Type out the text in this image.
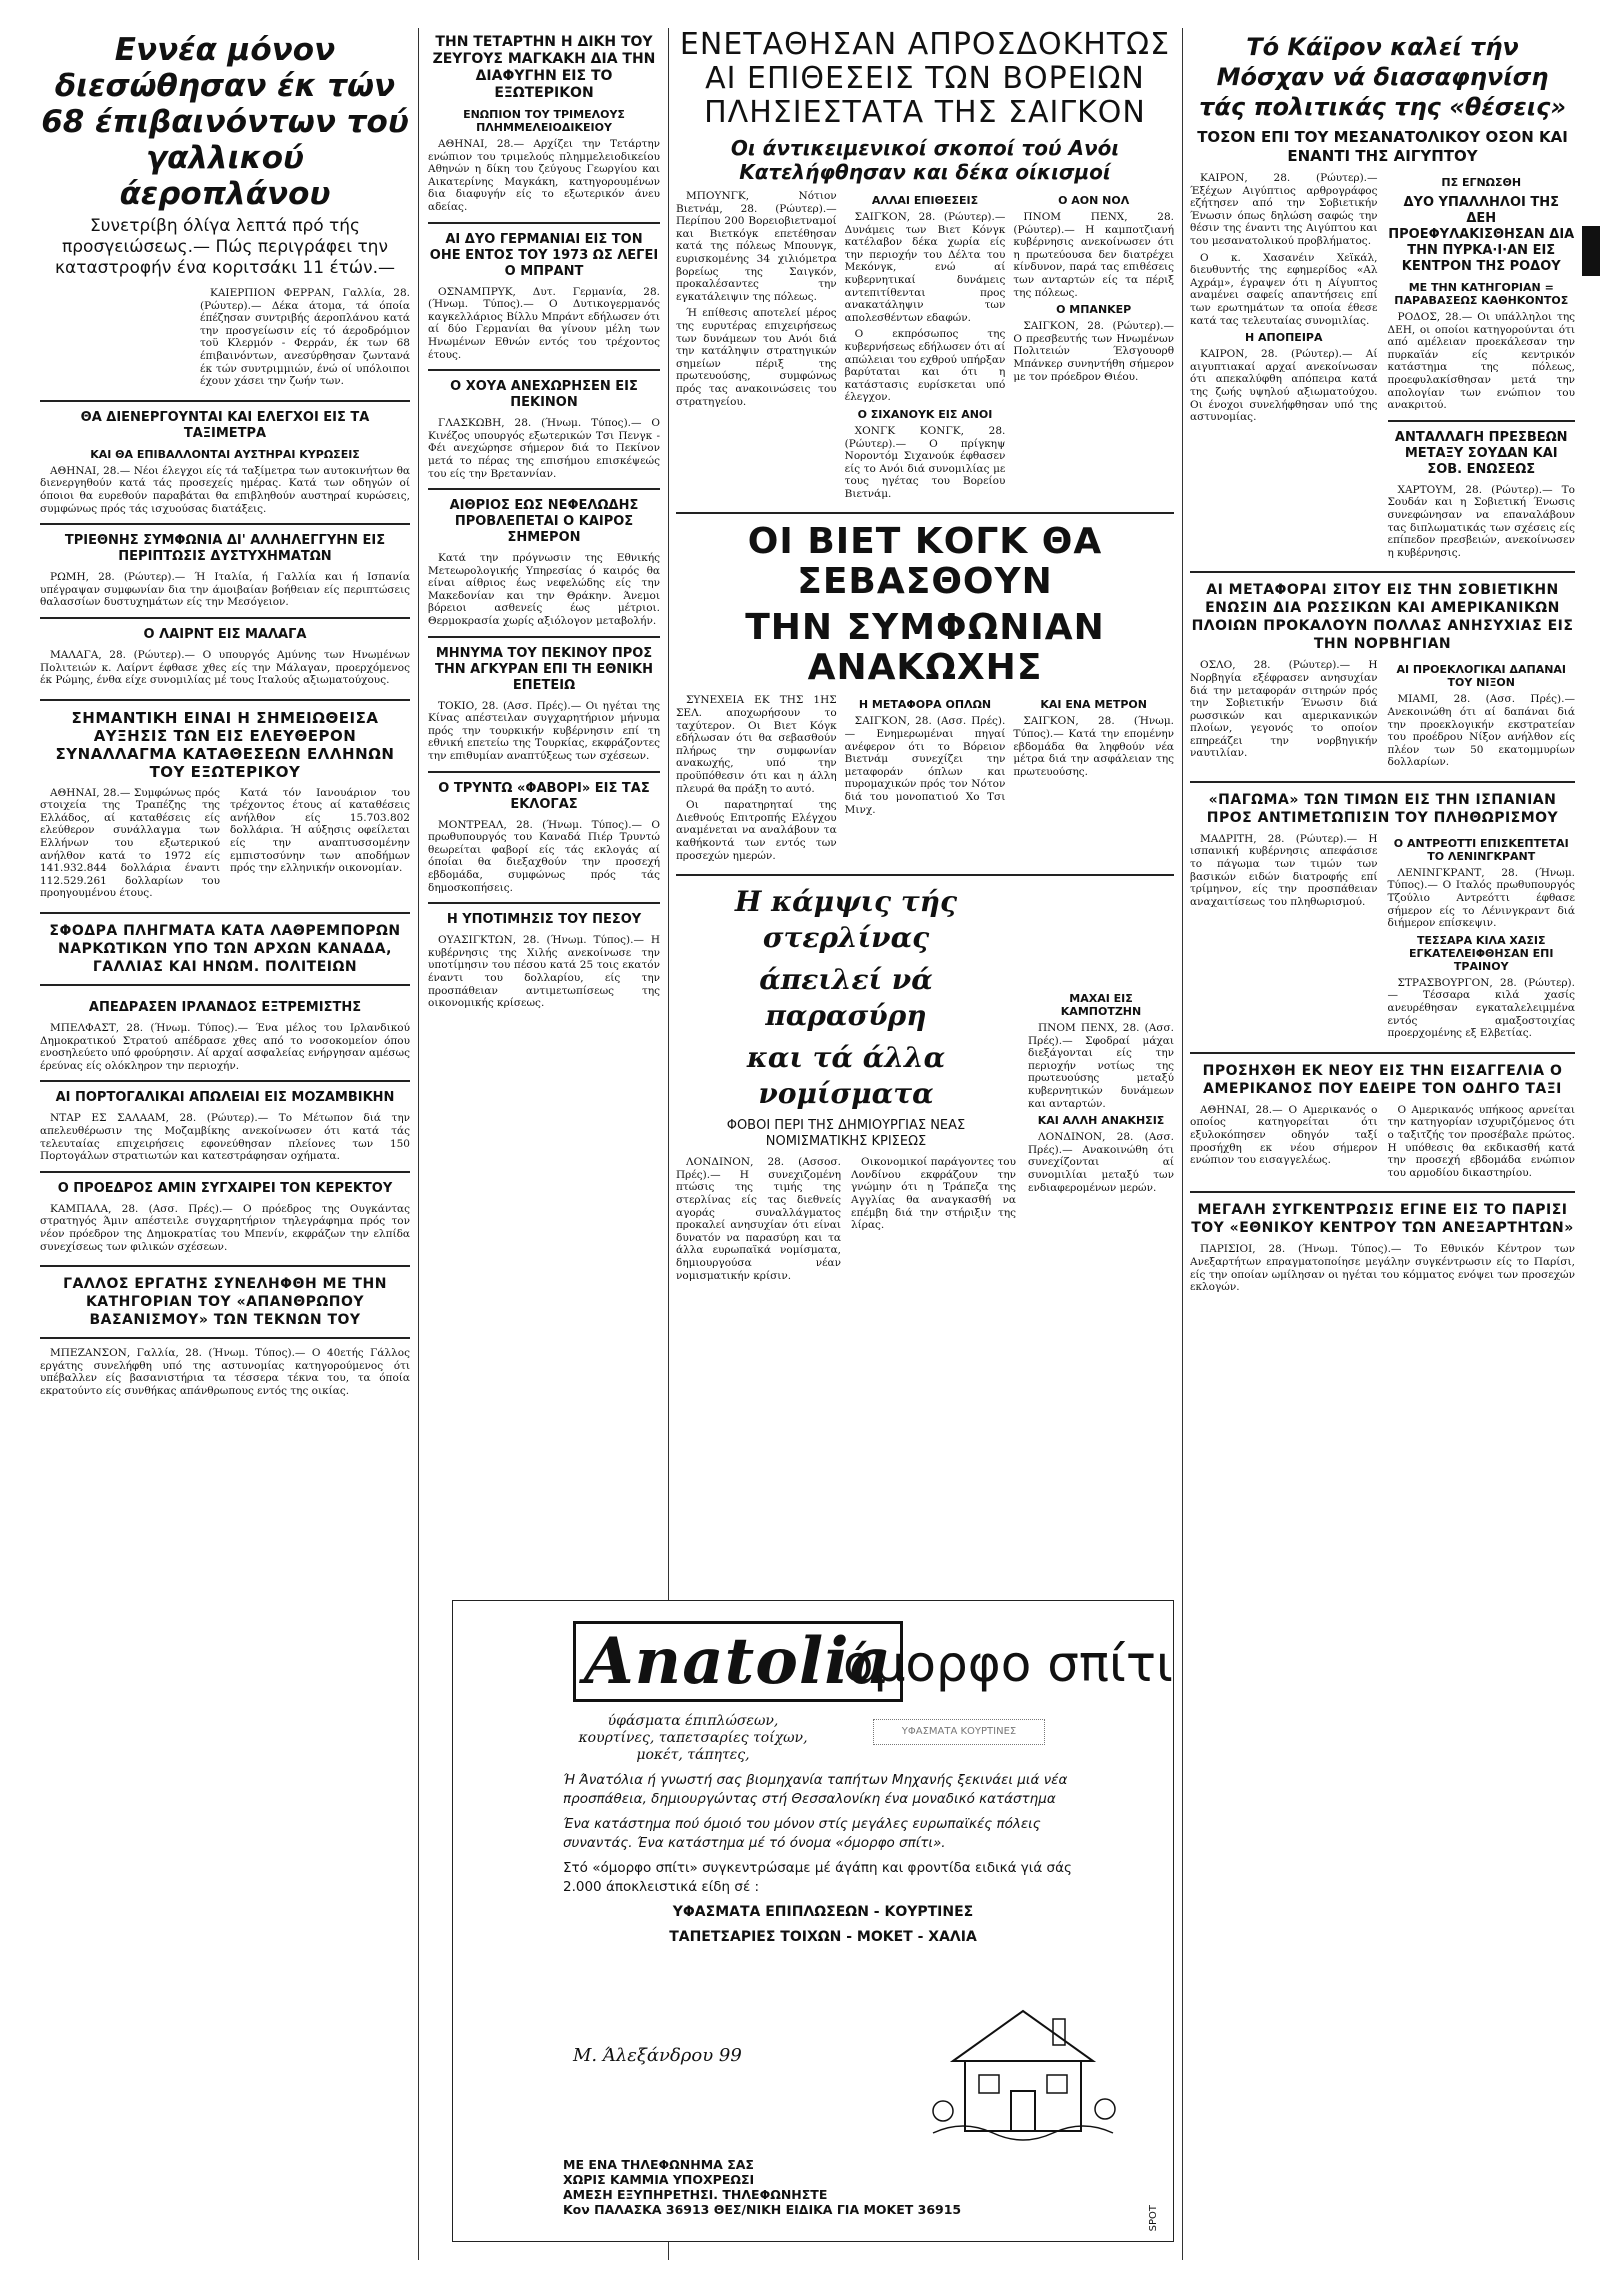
Εννέα μόνον διεσώθησαν έκ τών 68 έπιβαινόντων τού γαλλικού άεροπλάνου
Συνετρίβη όλίγα λεπτά πρό τής προσγειώσεως.— Πώς περιγράφει την καταστροφήν ένα κοριτσάκι 11 έτών.—

ΚΑΙΕΡΠΙΟΝ ΦΕΡΡΑΝ, Γαλλία, 28. (Ρώυτερ).— Δέκα άτομα, τά όποία έπέζησαν συντριβής άεροπλάνου κατά την προσγείωσιν είς τό άεροδρόμιον τοϋ Κλερμόν - Φερράν, έκ των 68 έπιβαινόντων, ανεσύρθησαν ζωντανά έκ τών συντριμμιών, ένώ οί υπόλοιποι έχουν χάσει την ζωήν των.

ΘΑ ΔΙΕΝΕΡΓΟΥΝΤΑΙ ΚΑΙ ΕΛΕΓΧΟΙ ΕΙΣ ΤΑ ΤΑΞΙΜΕΤΡΑ
ΚΑΙ ΘΑ ΕΠΙΒΑΛΛΟΝΤΑΙ ΑΥΣΤΗΡΑΙ ΚΥΡΩΣΕΙΣ

ΑΘΗΝΑΙ, 28.— Νέοι έλεγχοι είς τά ταξίμετρα των αυτοκινήτων θα διενεργηθούν κατά τάς προσεχείς ημέρας. Κατά των οδηγών οί όποιοι θα ευρεθούν παραβάται θα επιβληθούν αυστηραί κυρώσεις, συμφώνως πρός τάς ισχυούσας διατάξεις.

ΤΡΙΕΘΝΗΣ ΣΥΜΦΩΝΙΑ ΔΙ' ΑΛΛΗΛΕΓΓΥΗΝ ΕΙΣ ΠΕΡΙΠΤΩΣΙΣ ΔΥΣΤΥΧΗΜΑΤΩΝ

ΡΩΜΗ, 28. (Ρώυτερ).— Ή Ιταλία, ή Γαλλία και ή Ισπανία υπέγραψαν συμφωνίαν δια την άμοιβαίαν βοήθειαν είς περιπτώσεις θαλασσίων δυστυχημάτων είς την Μεσόγειον.

Ο ΛΑΙΡΝΤ ΕΙΣ ΜΑΛΑΓΑ

ΜΑΛΑΓΑ, 28. (Ρώυτερ).— Ο υπουργός Αμύνης των Ηνωμένων Πολιτειών κ. Λαίρντ έφθασε χθες είς την Μάλαγαν, προερχόμενος έκ Ρώμης, ένθα είχε συνομιλίας μέ τους Ιταλούς αξιωματούχους.

ΣΗΜΑΝΤΙΚΗ ΕΙΝΑΙ Η ΣΗΜΕΙΩΘΕΙΣΑ ΑΥΞΗΣΙΣ ΤΩΝ ΕΙΣ ΕΛΕΥΘΕΡΟΝ ΣΥΝΑΛΛΑΓΜΑ ΚΑΤΑΘΕΣΕΩΝ ΕΛΛΗΝΩΝ ΤΟΥ ΕΞΩΤΕΡΙΚΟΥ

ΑΘΗΝΑΙ, 28.— Συμφώνως πρός στοιχεία της Τραπέζης της Ελλάδος, αί καταθέσεις είς ελεύθερον συνάλλαγμα των Ελλήνων του εξωτερικού ανήλθον κατά το 1972 είς 141.932.844 δολλάρια έναντι 112.529.261 δολλαρίων του προηγουμένου έτους.

Κατά τόν Ιανουάριον του τρέχοντος έτους αί καταθέσεις ανήλθον είς 15.703.802 δολλάρια. Ή αύξησις οφείλεται είς την αναπτυσσομένην εμπιστοσύνην των αποδήμων πρός την ελληνικήν οικονομίαν.

ΣΦΟΔΡΑ ΠΛΗΓΜΑΤΑ ΚΑΤΑ ΛΑΘΡΕΜΠΟΡΩΝ ΝΑΡΚΩΤΙΚΩΝ ΥΠΟ ΤΩΝ ΑΡΧΩΝ ΚΑΝΑΔΑ, ΓΑΛΛΙΑΣ ΚΑΙ ΗΝΩΜ. ΠΟΛΙΤΕΙΩΝ
ΑΠΕΔΡΑΣΕΝ ΙΡΛΑΝΔΟΣ ΕΞΤΡΕΜΙΣΤΗΣ

ΜΠΕΛΦΑΣΤ, 28. (Ήνωμ. Τύπος).— Ένα μέλος του Ιρλανδικού Δημοκρατικού Στρατού απέδρασε χθες από το νοσοκομείον όπου ενοσηλεύετο υπό φρούρησιν. Αί αρχαί ασφαλείας ενήργησαν αμέσως έρεύνας είς ολόκληρον την περιοχήν.

ΑΙ ΠΟΡΤΟΓΑΛΙΚΑΙ ΑΠΩΛΕΙΑΙ ΕΙΣ ΜΟΖΑΜΒΙΚΗΝ

ΝΤΑΡ ΕΣ ΣΑΛΑΑΜ, 28. (Ρώυτερ).— Το Μέτωπον διά την απελευθέρωσιν της Μοζαμβίκης ανεκοίνωσεν ότι κατά τάς τελευταίας επιχειρήσεις εφονεύθησαν πλείονες των 150 Πορτογάλων στρατιωτών και κατεστράφησαν οχήματα.

Ο ΠΡΟΕΔΡΟΣ ΑΜΙΝ ΣΥΓΧΑΙΡΕΙ ΤΟΝ ΚΕΡΕΚΤΟΥ

ΚΑΜΠΑΛΑ, 28. (Ασσ. Πρές).— Ο πρόεδρος της Ουγκάντας στρατηγός Άμιν απέστειλε συγχαρητήριον τηλεγράφημα πρός τον νέον πρόεδρον της Δημοκρατίας του Μπενίν, εκφράζων την ελπίδα συνεχίσεως των φιλικών σχέσεων.

ΓΑΛΛΟΣ ΕΡΓΑΤΗΣ ΣΥΝΕΛΗΦΘΗ ΜΕ ΤΗΝ ΚΑΤΗΓΟΡΙΑΝ ΤΟΥ «ΑΠΑΝΘΡΩΠΟΥ ΒΑΣΑΝΙΣΜΟΥ» ΤΩΝ ΤΕΚΝΩΝ ΤΟΥ

ΜΠΕΖΑΝΣΟΝ, Γαλλία, 28. (Ήνωμ. Τύπος).— Ο 40ετής Γάλλος εργάτης συνελήφθη υπό της αστυνομίας κατηγορούμενος ότι υπέβαλλεν είς βασανιστήρια τα τέσσερα τέκνα του, τα όποία εκρατούντο είς συνθήκας απάνθρωπους εντός της οικίας.

ΤΗΝ ΤΕΤΑΡΤΗΝ Η ΔΙΚΗ ΤΟΥ ΖΕΥΓΟΥΣ ΜΑΓΚΑΚΗ ΔΙΑ ΤΗΝ ΔΙΑΦΥΓΗΝ ΕΙΣ ΤΟ ΕΞΩΤΕΡΙΚΟΝ
ΕΝΩΠΙΟΝ ΤΟΥ ΤΡΙΜΕΛΟΥΣ ΠΛΗΜΜΕΛΕΙΟΔΙΚΕΙΟΥ

ΑΘΗΝΑΙ, 28.— Αρχίζει την Τετάρτην ενώπιον του τριμελούς πλημμελειοδικείου Αθηνών η δίκη του ζεύγους Γεωργίου και Αικατερίνης Μαγκάκη, κατηγορουμένων δια διαφυγήν είς το εξωτερικόν άνευ αδείας.

ΑΙ ΔΥΟ ΓΕΡΜΑΝΙΑΙ ΕΙΣ ΤΟΝ ΟΗΕ ΕΝΤΟΣ ΤΟΥ 1973 ΩΣ ΛΕΓΕΙ Ο ΜΠΡΑΝΤ

ΟΣΝΑΜΠΡΥΚ, Δυτ. Γερμανία, 28. (Ήνωμ. Τύπος).— Ο Δυτικογερμανός καγκελλάριος Βίλλυ Μπράντ εδήλωσεν ότι αί δύο Γερμανίαι θα γίνουν μέλη των Ηνωμένων Εθνών εντός του τρέχοντος έτους.

Ο ΧΟΥΑ ΑΝΕΧΩΡΗΣΕΝ ΕΙΣ ΠΕΚΙΝΟΝ

ΓΛΑΣΚΩΒΗ, 28. (Ήνωμ. Τύπος).— Ο Κινέζος υπουργός εξωτερικών Τσι Πενγκ - Φέι ανεχώρησε σήμερον διά το Πεκίνον μετά το πέρας της επισήμου επισκέψεώς του είς την Βρεταννίαν.

ΑΙΘΡΙΟΣ ΕΩΣ ΝΕΦΕΛΩΔΗΣ ΠΡΟΒΛΕΠΕΤΑΙ Ο ΚΑΙΡΟΣ ΣΗΜΕΡΟΝ

Κατά την πρόγνωσιν της Εθνικής Μετεωρολογικής Υπηρεσίας ό καιρός θα είναι αίθριος έως νεφελώδης είς την Μακεδονίαν και την Θράκην. Άνεμοι βόρειοι ασθενείς έως μέτριοι. Θερμοκρασία χωρίς αξιόλογον μεταβολήν.

ΜΗΝΥΜΑ ΤΟΥ ΠΕΚΙΝΟΥ ΠΡΟΣ ΤΗΝ ΑΓΚΥΡΑΝ ΕΠΙ ΤΗ ΕΘΝΙΚΗ ΕΠΕΤΕΙΩ

ΤΟΚΙΟ, 28. (Ασσ. Πρές).— Οι ηγέται της Κίνας απέστειλαν συγχαρητήριον μήνυμα πρός την τουρκικήν κυβέρνησιν επί τη εθνική επετείω της Τουρκίας, εκφράζοντες την επιθυμίαν αναπτύξεως των σχέσεων.

Ο ΤΡΥΝΤΩ «ΦΑΒΟΡΙ» ΕΙΣ ΤΑΣ ΕΚΛΟΓΑΣ

ΜΟΝΤΡΕΑΛ, 28. (Ήνωμ. Τύπος).— Ο πρωθυπουργός του Καναδά Πιέρ Τρυντώ θεωρείται φαβορί είς τάς εκλογάς αί όποίαι θα διεξαχθούν την προσεχή εβδομάδα, συμφώνως πρός τάς δημοσκοπήσεις.

Η ΥΠΟΤΙΜΗΣΙΣ ΤΟΥ ΠΕΣΟΥ

ΟΥΑΣΙΓΚΤΩΝ, 28. (Ήνωμ. Τύπος).— Η κυβέρνησις της Χιλής ανεκοίνωσε την υποτίμησιν του πέσου κατά 25 τοις εκατόν έναντι του δολλαρίου, είς την προσπάθειαν αντιμετωπίσεως της οικονομικής κρίσεως.

ΕΝΕΤΑΘΗΣΑΝ ΑΠΡΟΣΔΟΚΗΤΩΣ
ΑΙ ΕΠΙΘΕΣΕΙΣ ΤΩΝ ΒΟΡΕΙΩΝ
ΠΛΗΣΙΕΣΤΑΤΑ ΤΗΣ ΣΑΙΓΚΟΝ
Οι άντικειμενικοί σκοποί τού Ανόι Κατελήφθησαν και δέκα οίκισμοί

ΜΠΟΥΝΓΚ, Νότιον Βιετνάμ, 28. (Ρώυτερ).— Περίπου 200 Βορειοβιετναμοί και Βιετκόγκ επετέθησαν κατά της πόλεως Μπουνγκ, ευρισκομένης 34 χιλιόμετρα βορείως της Σαιγκόν, προκαλέσαντες την εγκατάλειψιν της πόλεως.

Ή επίθεσις αποτελεί μέρος της ευρυτέρας επιχειρήσεως των δυνάμεων του Ανόι διά την κατάληψιν στρατηγικών σημείων πέριξ της πρωτευούσης, συμφώνως πρός τας ανακοινώσεις του στρατηγείου.

ΑΛΛΑΙ ΕΠΙΘΕΣΕΙΣ

ΣΑΙΓΚΟΝ, 28. (Ρώυτερ).— Δυνάμεις των Βιετ Κόνγκ κατέλαβον δέκα χωρία είς την περιοχήν του Δέλτα του Μεκόνγκ, ενώ αί κυβερνητικαί δυνάμεις αντεπιτίθενται προς ανακατάληψιν των απολεσθέντων εδαφών.

Ο εκπρόσωπος της κυβερνήσεως εδήλωσεν ότι αί απώλειαι του εχθρού υπήρξαν βαρύταται και ότι η κατάστασις ευρίσκεται υπό έλεγχον.

Ο ΣΙΧΑΝΟΥΚ ΕΙΣ ΑΝΟΙ

ΧΟΝΓΚ ΚΟΝΓΚ, 28. (Ρώυτερ).— Ο πρίγκηψ Νοροντόμ Σιχανούκ έφθασεν είς το Ανόι διά συνομιλίας με τους ηγέτας του Βορείου Βιετνάμ.

Ο ΑΟΝ ΝΟΛ

ΠΝΟΜ ΠΕΝΧ, 28. (Ρώυτερ).— Η καμποτζιανή κυβέρνησις ανεκοίνωσεν ότι η πρωτεύουσα δεν διατρέχει κίνδυνον, παρά τας επιθέσεις των ανταρτών είς τα πέριξ της πόλεως.

Ο ΜΠΑΝΚΕΡ

ΣΑΙΓΚΟΝ, 28. (Ρώυτερ).— Ο πρεσβευτής των Ηνωμένων Πολιτειών Έλσγουορθ Μπάνκερ συνηντήθη σήμερον με τον πρόεδρον Θιέου.

ΟΙ ΒΙΕΤ ΚΟΓΚ ΘΑ ΣΕΒΑΣΘΟΥΝ
ΤΗΝ ΣΥΜΦΩΝΙΑΝ ΑΝΑΚΩΧΗΣ

ΣΥΝΕΧΕΙΑ ΕΚ ΤΗΣ 1ΗΣ ΣΕΛ. αποχωρήσουν το ταχύτερον. Οι Βιετ Κόγκ εδήλωσαν ότι θα σεβασθούν πλήρως την συμφωνίαν ανακωχής, υπό την προϋπόθεσιν ότι και η άλλη πλευρά θα πράξη το αυτό.

Οι παρατηρηταί της Διεθνούς Επιτροπής Ελέγχου αναμένεται να αναλάβουν τα καθήκοντά των εντός των προσεχών ημερών.

Η ΜΕΤΑΦΟΡΑ ΟΠΛΩΝ

ΣΑΙΓΚΟΝ, 28. (Ασσ. Πρές).— Ενημερωμέναι πηγαί ανέφερον ότι το Βόρειον Βιετνάμ συνεχίζει την μεταφοράν όπλων και πυρομαχικών πρός τον Νότον διά του μονοπατιού Χο Τσι Μινχ.

ΚΑΙ ΕΝΑ ΜΕΤΡΟΝ

ΣΑΙΓΚΟΝ, 28. (Ήνωμ. Τύπος).— Κατά την επομένην εβδομάδα θα ληφθούν νέα μέτρα διά την ασφάλειαν της πρωτευούσης.

Η κάμψις τής στερλίνας
άπειλεί νά παρασύρη
και τά άλλα νομίσματα
ΦΟΒΟΙ ΠΕΡΙ ΤΗΣ ΔΗΜΙΟΥΡΓΙΑΣ ΝΕΑΣ ΝΟΜΙΣΜΑΤΙΚΗΣ ΚΡΙΣΕΩΣ

ΛΟΝΔΙΝΟΝ, 28. (Ασσοσ. Πρές).— Η συνεχιζομένη πτώσις της τιμής της στερλίνας είς τας διεθνείς αγοράς συναλλάγματος προκαλεί ανησυχίαν ότι είναι δυνατόν να παρασύρη και τα άλλα ευρωπαϊκά νομίσματα, δημιουργούσα νέαν νομισματικήν κρίσιν.

Οικονομικοί παράγοντες του Λονδίνου εκφράζουν την γνώμην ότι η Τράπεζα της Αγγλίας θα αναγκασθή να επέμβη διά την στήριξιν της λίρας.

ΜΑΧΑΙ ΕΙΣ ΚΑΜΠΟΤΖΗΝ

ΠΝΟΜ ΠΕΝΧ, 28. (Ασσ. Πρές).— Σφοδραί μάχαι διεξάγονται είς την περιοχήν νοτίως της πρωτευούσης μεταξύ κυβερνητικών δυνάμεων και ανταρτών.

ΚΑΙ ΑΛΛΗ ΑΝΑΚΗΣΙΣ

ΛΟΝΔΙΝΟΝ, 28. (Ασσ. Πρές).— Ανακοινώθη ότι συνεχίζονται αί συνομιλίαι μεταξύ των ενδιαφερομένων μερών.

Anatolia
όμορφο σπίτι
ύφάσματα έπιπλώσεων, κουρτίνες, ταπετσαρίες τοίχων, μοκέτ, τάπητες,
ΥΦΑΣΜΑΤΑ ΚΟΥΡΤΙΝΕΣ
Ή Άνατόλια ή γνωστή σας βιομηχανία ταπήτων Μηχανής ξεκινάει μιά νέα προσπάθεια, δημιουργώντας στή Θεσσαλονίκη ένα μοναδικό κατάστημα
Ένα κατάστημα πού όμοιό του μόνον στίς μεγάλες ευρωπαϊκές πόλεις συναντάς. Ένα κατάστημα μέ τό όνομα «όμορφο σπίτι».
Στό «όμορφο σπίτι» συγκεντρώσαμε μέ άγάπη και φροντίδα ειδικά γιά σάς 2.000 άποκλειστικά είδη σέ :
ΥΦΑΣΜΑΤΑ ΕΠΙΠΛΩΣΕΩΝ - ΚΟΥΡΤΙΝΕΣ
ΤΑΠΕΤΣΑΡΙΕΣ ΤΟΙΧΩΝ - ΜΟΚΕΤ - ΧΑΛΙΑ
Μ. Άλεξάνδρου 99
ΜΕ ΕΝΑ ΤΗΛΕΦΩΝΗΜΑ ΣΑΣ
ΧΩΡΙΣ ΚΑΜΜΙΑ ΥΠΟΧΡΕΩΣΙ
ΑΜΕΣΗ ΕΞΥΠΗΡΕΤΗΣΙ. ΤΗΛΕΦΩΝΗΣΤΕ
Κον ΠΑΛΑΣΚΑ 36913 ΘΕΣ/ΝΙΚΗ ΕΙΔΙΚΑ ΓΙΑ ΜΟΚΕΤ 36915	SPOT
Τό Κάϊρον καλεί τήν Μόσχαν νά διασαφηνίση τάς πολιτικάς της «θέσεις»
ΤΟΣΟΝ ΕΠΙ ΤΟΥ ΜΕΣΑΝΑΤΟΛΙΚΟΥ ΟΣΟΝ ΚΑΙ ΕΝΑΝΤΙ ΤΗΣ ΑΙΓΥΠΤΟΥ

ΚΑΙΡΟΝ, 28. (Ρώυτερ).— Έξέχων Αιγύπτιος αρθρογράφος εζήτησεν από την Σοβιετικήν Ένωσιν όπως δηλώση σαφώς την θέσιν της έναντι της Αιγύπτου και του μεσανατολικού προβλήματος.

Ο κ. Χασανέιν Χεϊκάλ, διευθυντής της εφημερίδος «Αλ Αχράμ», έγραψεν ότι η Αίγυπτος αναμένει σαφείς απαντήσεις επί των ερωτημάτων τα οποία έθεσε κατά τας τελευταίας συνομιλίας.

Η ΑΠΟΠΕΙΡΑ

ΚΑΙΡΟΝ, 28. (Ρώυτερ).— Αί αιγυπτιακαί αρχαί ανεκοίνωσαν ότι απεκαλύφθη απόπειρα κατά της ζωής υψηλού αξιωματούχου. Οι ένοχοι συνελήφθησαν υπό της αστυνομίας.

ΠΣ ΕΓΝΩΣΘΗ
ΔΥΟ ΥΠΑΛΛΗΛΟΙ ΤΗΣ ΔΕΗ ΠΡΟΕΦΥΛΑΚΙΣΘΗΣΑΝ ΔΙΑ ΤΗΝ ΠΥΡΚΑ·Ι·ΑΝ ΕΙΣ ΚΕΝΤΡΟΝ ΤΗΣ ΡΟΔΟΥ
ΜΕ ΤΗΝ ΚΑΤΗΓΟΡΙΑΝ = ΠΑΡΑΒΑΣΕΩΣ ΚΑΘΗΚΟΝΤΟΣ

ΡΟΔΟΣ, 28.— Οι υπάλληλοι της ΔΕΗ, οι οποίοι κατηγορούνται ότι από αμέλειαν προεκάλεσαν την πυρκαϊάν είς κεντρικόν κατάστημα της πόλεως, προεφυλακίσθησαν μετά την απολογίαν των ενώπιον του ανακριτού.

ΑΝΤΑΛΛΑΓΗ ΠΡΕΣΒΕΩΝ ΜΕΤΑΞΥ ΣΟΥΔΑΝ ΚΑΙ ΣΟΒ. ΕΝΩΣΕΩΣ

ΧΑΡΤΟΥΜ, 28. (Ρώυτερ).— Το Σουδάν και η Σοβιετική Ένωσις συνεφώνησαν να επαναλάβουν τας διπλωματικάς των σχέσεις είς επίπεδον πρεσβειών, ανεκοίνωσεν η κυβέρνησις.

ΑΙ ΜΕΤΑΦΟΡΑΙ ΣΙΤΟΥ ΕΙΣ ΤΗΝ ΣΟΒΙΕΤΙΚΗΝ ΕΝΩΣΙΝ ΔΙΑ ΡΩΣΣΙΚΩΝ ΚΑΙ ΑΜΕΡΙΚΑΝΙΚΩΝ ΠΛΟΙΩΝ ΠΡΟΚΑΛΟΥΝ ΠΟΛΛΑΣ ΑΝΗΣΥΧΙΑΣ ΕΙΣ ΤΗΝ ΝΟΡΒΗΓΙΑΝ

ΟΣΛΟ, 28. (Ρώυτερ).— Η Νορβηγία εξέφρασεν ανησυχίαν διά την μεταφοράν σιτηρών πρός την Σοβιετικήν Ένωσιν διά ρωσσικών και αμερικανικών πλοίων, γεγονός το οποίον επηρεάζει την νορβηγικήν ναυτιλίαν.

ΑΙ ΠΡΟΕΚΛΟΓΙΚΑΙ ΔΑΠΑΝΑΙ ΤΟΥ ΝΙΞΟΝ

ΜΙΑΜΙ, 28. (Ασσ. Πρές).— Ανεκοινώθη ότι αί δαπάναι διά την προεκλογικήν εκστρατείαν του προέδρου Νίξον ανήλθον είς πλέον των 50 εκατομμυρίων δολλαρίων.

«ΠΑΓΩΜΑ» ΤΩΝ ΤΙΜΩΝ ΕΙΣ ΤΗΝ ΙΣΠΑΝΙΑΝ ΠΡΟΣ ΑΝΤΙΜΕΤΩΠΙΣΙΝ ΤΟΥ ΠΛΗΘΩΡΙΣΜΟΥ

ΜΑΔΡΙΤΗ, 28. (Ρώυτερ).— Η ισπανική κυβέρνησις απεφάσισε το πάγωμα των τιμών των βασικών ειδών διατροφής επί τρίμηνον, είς την προσπάθειαν αναχαιτίσεως του πληθωρισμού.

Ο ΑΝΤΡΕΟΤΤΙ ΕΠΙΣΚΕΠΤΕΤΑΙ ΤΟ ΛΕΝΙΝΓΚΡΑΝΤ

ΛΕΝΙΝΓΚΡΑΝΤ, 28. (Ήνωμ. Τύπος).— Ο Ιταλός πρωθυπουργός Τζούλιο Αντρεόττι έφθασε σήμερον είς το Λένινγκραντ διά διήμερον επίσκεψιν.

ΤΕΣΣΑΡΑ ΚΙΛΑ ΧΑΣΙΣ ΕΓΚΑΤΕΛΕΙΦΘΗΣΑΝ ΕΠΙ ΤΡΑΙΝΟΥ

ΣΤΡΑΣΒΟΥΡΓΟΝ, 28. (Ρώυτερ).— Τέσσαρα κιλά χασίς ανευρέθησαν εγκαταλελειμμένα εντός αμαξοστοιχίας προερχομένης εξ Ελβετίας.

ΠΡΟΣΗΧΘΗ ΕΚ ΝΕΟΥ ΕΙΣ ΤΗΝ ΕΙΣΑΓΓΕΛΙΑ Ο ΑΜΕΡΙΚΑΝΟΣ ΠΟΥ ΕΔΕΙΡΕ ΤΟΝ ΟΔΗΓΟ ΤΑΞΙ

ΑΘΗΝΑΙ, 28.— Ο Αμερικανός ο οποίος κατηγορείται ότι εξυλοκόπησεν οδηγόν ταξί προσήχθη εκ νέου σήμερον ενώπιον του εισαγγελέως.

Ο Αμερικανός υπήκοος αρνείται την κατηγορίαν ισχυριζόμενος ότι ο ταξιτζής τον προσέβαλε πρώτος. Η υπόθεσις θα εκδικασθή κατά την προσεχή εβδομάδα ενώπιον του αρμοδίου δικαστηρίου.

ΜΕΓΑΛΗ ΣΥΓΚΕΝΤΡΩΣΙΣ ΕΓΙΝΕ ΕΙΣ ΤΟ ΠΑΡΙΣΙ ΤΟΥ «ΕΘΝΙΚΟΥ ΚΕΝΤΡΟΥ ΤΩΝ ΑΝΕΞΑΡΤΗΤΩΝ»

ΠΑΡΙΣΙΟΙ, 28. (Ήνωμ. Τύπος).— Το Εθνικόν Κέντρον των Ανεξαρτήτων επραγματοποίησε μεγάλην συγκέντρωσιν είς το Παρίσι, είς την οποίαν ωμίλησαν οι ηγέται του κόμματος ενόψει των προσεχών εκλογών.
